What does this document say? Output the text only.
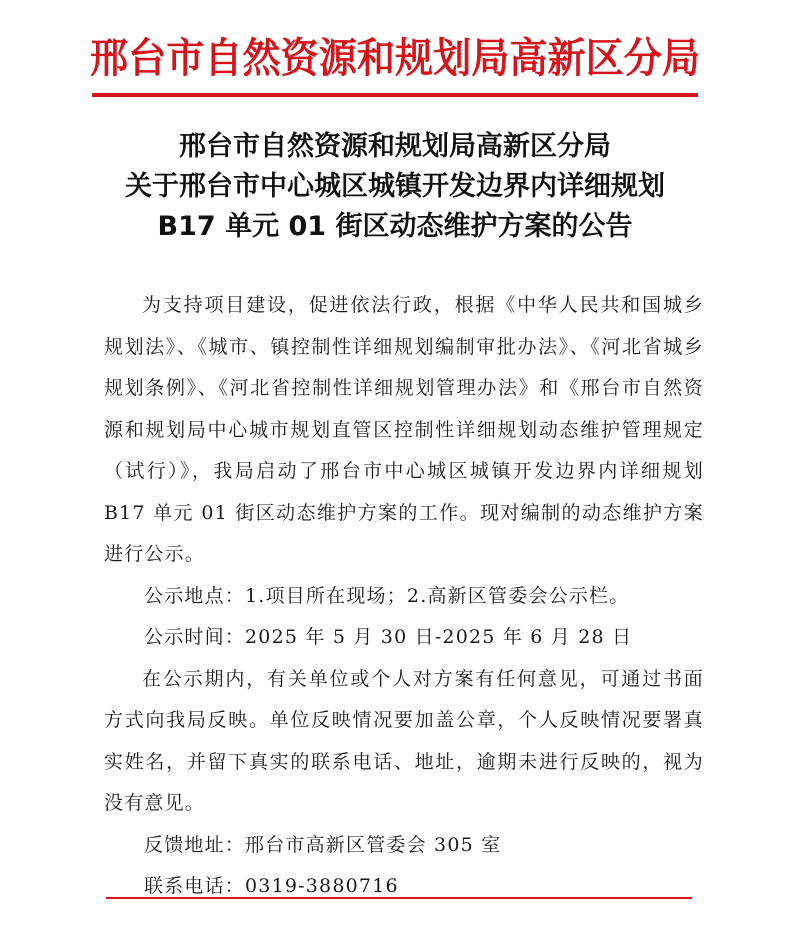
邢台市自然资源和规划局高新区分局
邢台市自然资源和规划局高新区分局
关于邢台市中心城区城镇开发边界内详细规划
B17 单元 01 街区动态维护方案的公告

为支持项目建设，促进依法行政，根据《中华人民共和国城乡规划法》、《城市、镇控制性详细规划编制审批办法》、《河北省城乡规划条例》、《河北省控制性详细规划管理办法》和《邢台市自然资源和规划局中心城市规划直管区控制性详细规划动态维护管理规定（试行）》，我局启动了邢台市中心城区城镇开发边界内详细规划 B17 单元 01 街区动态维护方案的工作。现对编制的动态维护方案进行公示。

公示地点：1.项目所在现场；2.高新区管委会公示栏。

公示时间：2025 年 5 月 30 日-2025 年 6 月 28 日

在公示期内，有关单位或个人对方案有任何意见，可通过书面方式向我局反映。单位反映情况要加盖公章，个人反映情况要署真实姓名，并留下真实的联系电话、地址，逾期未进行反映的，视为没有意见。

反馈地址：邢台市高新区管委会 305 室

联系电话：0319-3880716
